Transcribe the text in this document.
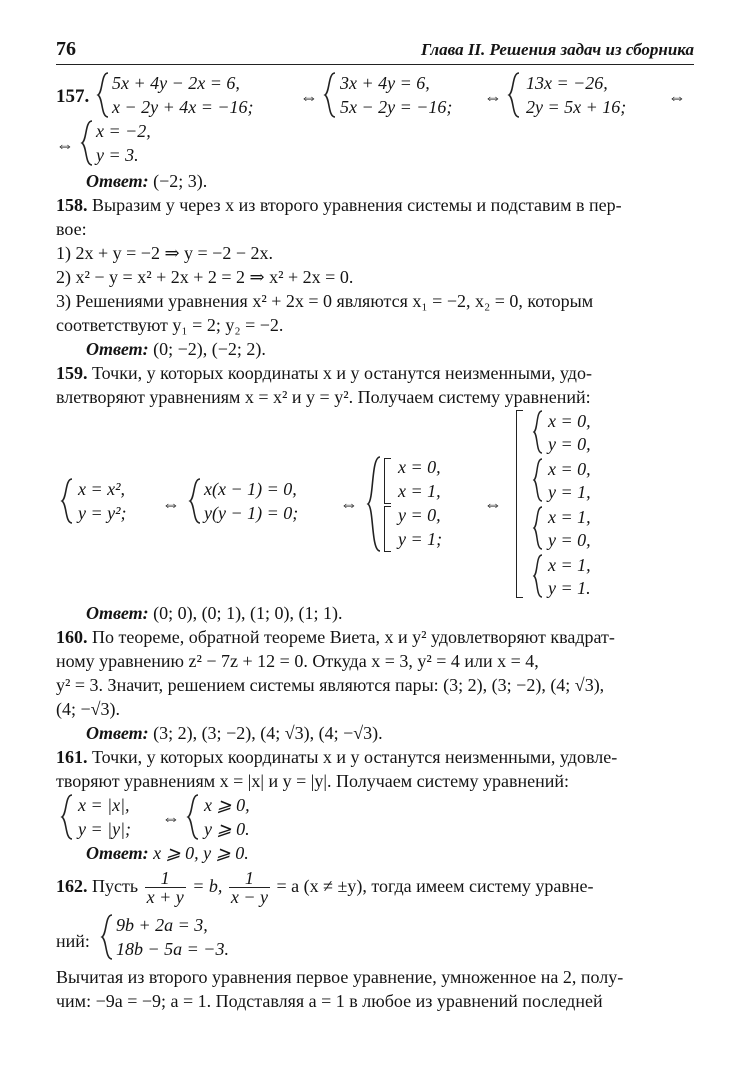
76	Глава II. Решения задач из сборника
157.
5x + 4y − 2x = 6,
x − 2y + 4x = −16;	⇔
3x + 4y = 6,
5x − 2y = −16; ⇔
13x = −26,
2y = 5x + 16; ⇔
⇔
x = −2,
y = 3.
Ответ: (−2; 3).
158. Выразим y через x из второго уравнения системы и подставим в пер-
вое:
1) 2x + y = −2 ⇒ y = −2 − 2x.
2) x² − y = x² + 2x + 2 = 2 ⇒ x² + 2x = 0.
3) Решениями уравнения x² + 2x = 0 являются x₁ = −2, x₂ = 0, которым
соответствуют y₁ = 2; y₂ = −2.
Ответ: (0; −2), (−2; 2).
159. Точки, у которых координаты x и y останутся неизменными, удо-
влетворяют уравнениям x = x² и y = y². Получаем систему уравнений:
x = x²,
y = y²; ⇔
x(x − 1) = 0,
y(y − 1) = 0; ⇔
x = 0,
x = 1,
y = 0,
y = 1;
⇔
x = 0,
y = 0,
x = 0,
y = 1,
x = 1,
y = 0,
x = 1,
y = 1.
Ответ: (0; 0), (0; 1), (1; 0), (1; 1).
160. По теореме, обратной теореме Виета, x и y² удовлетворяют квадрат-
ному уравнению z² − 7z + 12 = 0. Откуда x = 3, y² = 4 или x = 4,
y² = 3. Значит, решением системы являются пары: (3; 2), (3; −2), (4; √3),
(4; −√3).
Ответ: (3; 2), (3; −2), (4; √3), (4; −√3).
161. Точки, у которых координаты x и y останутся неизменными, удовле-
творяют уравнениям x = |x| и y = |y|. Получаем систему уравнений:
x = |x|,
y = |y|;
⇔
x ⩾ 0,
y ⩾ 0.
Ответ: x ⩾ 0, y ⩾ 0.
162. Пусть $\frac{1}{x + y} = b$, $\frac{1}{x - y} = a$ (x ≠ ±y), тогда имеем систему уравне-
ний:
9b + 2a = 3,
18b − 5a = −3.
Вычитая из второго уравнения первое уравнение, умноженное на 2, полу-
чим: −9a = −9; a = 1. Подставляя a = 1 в любое из уравнений последней
